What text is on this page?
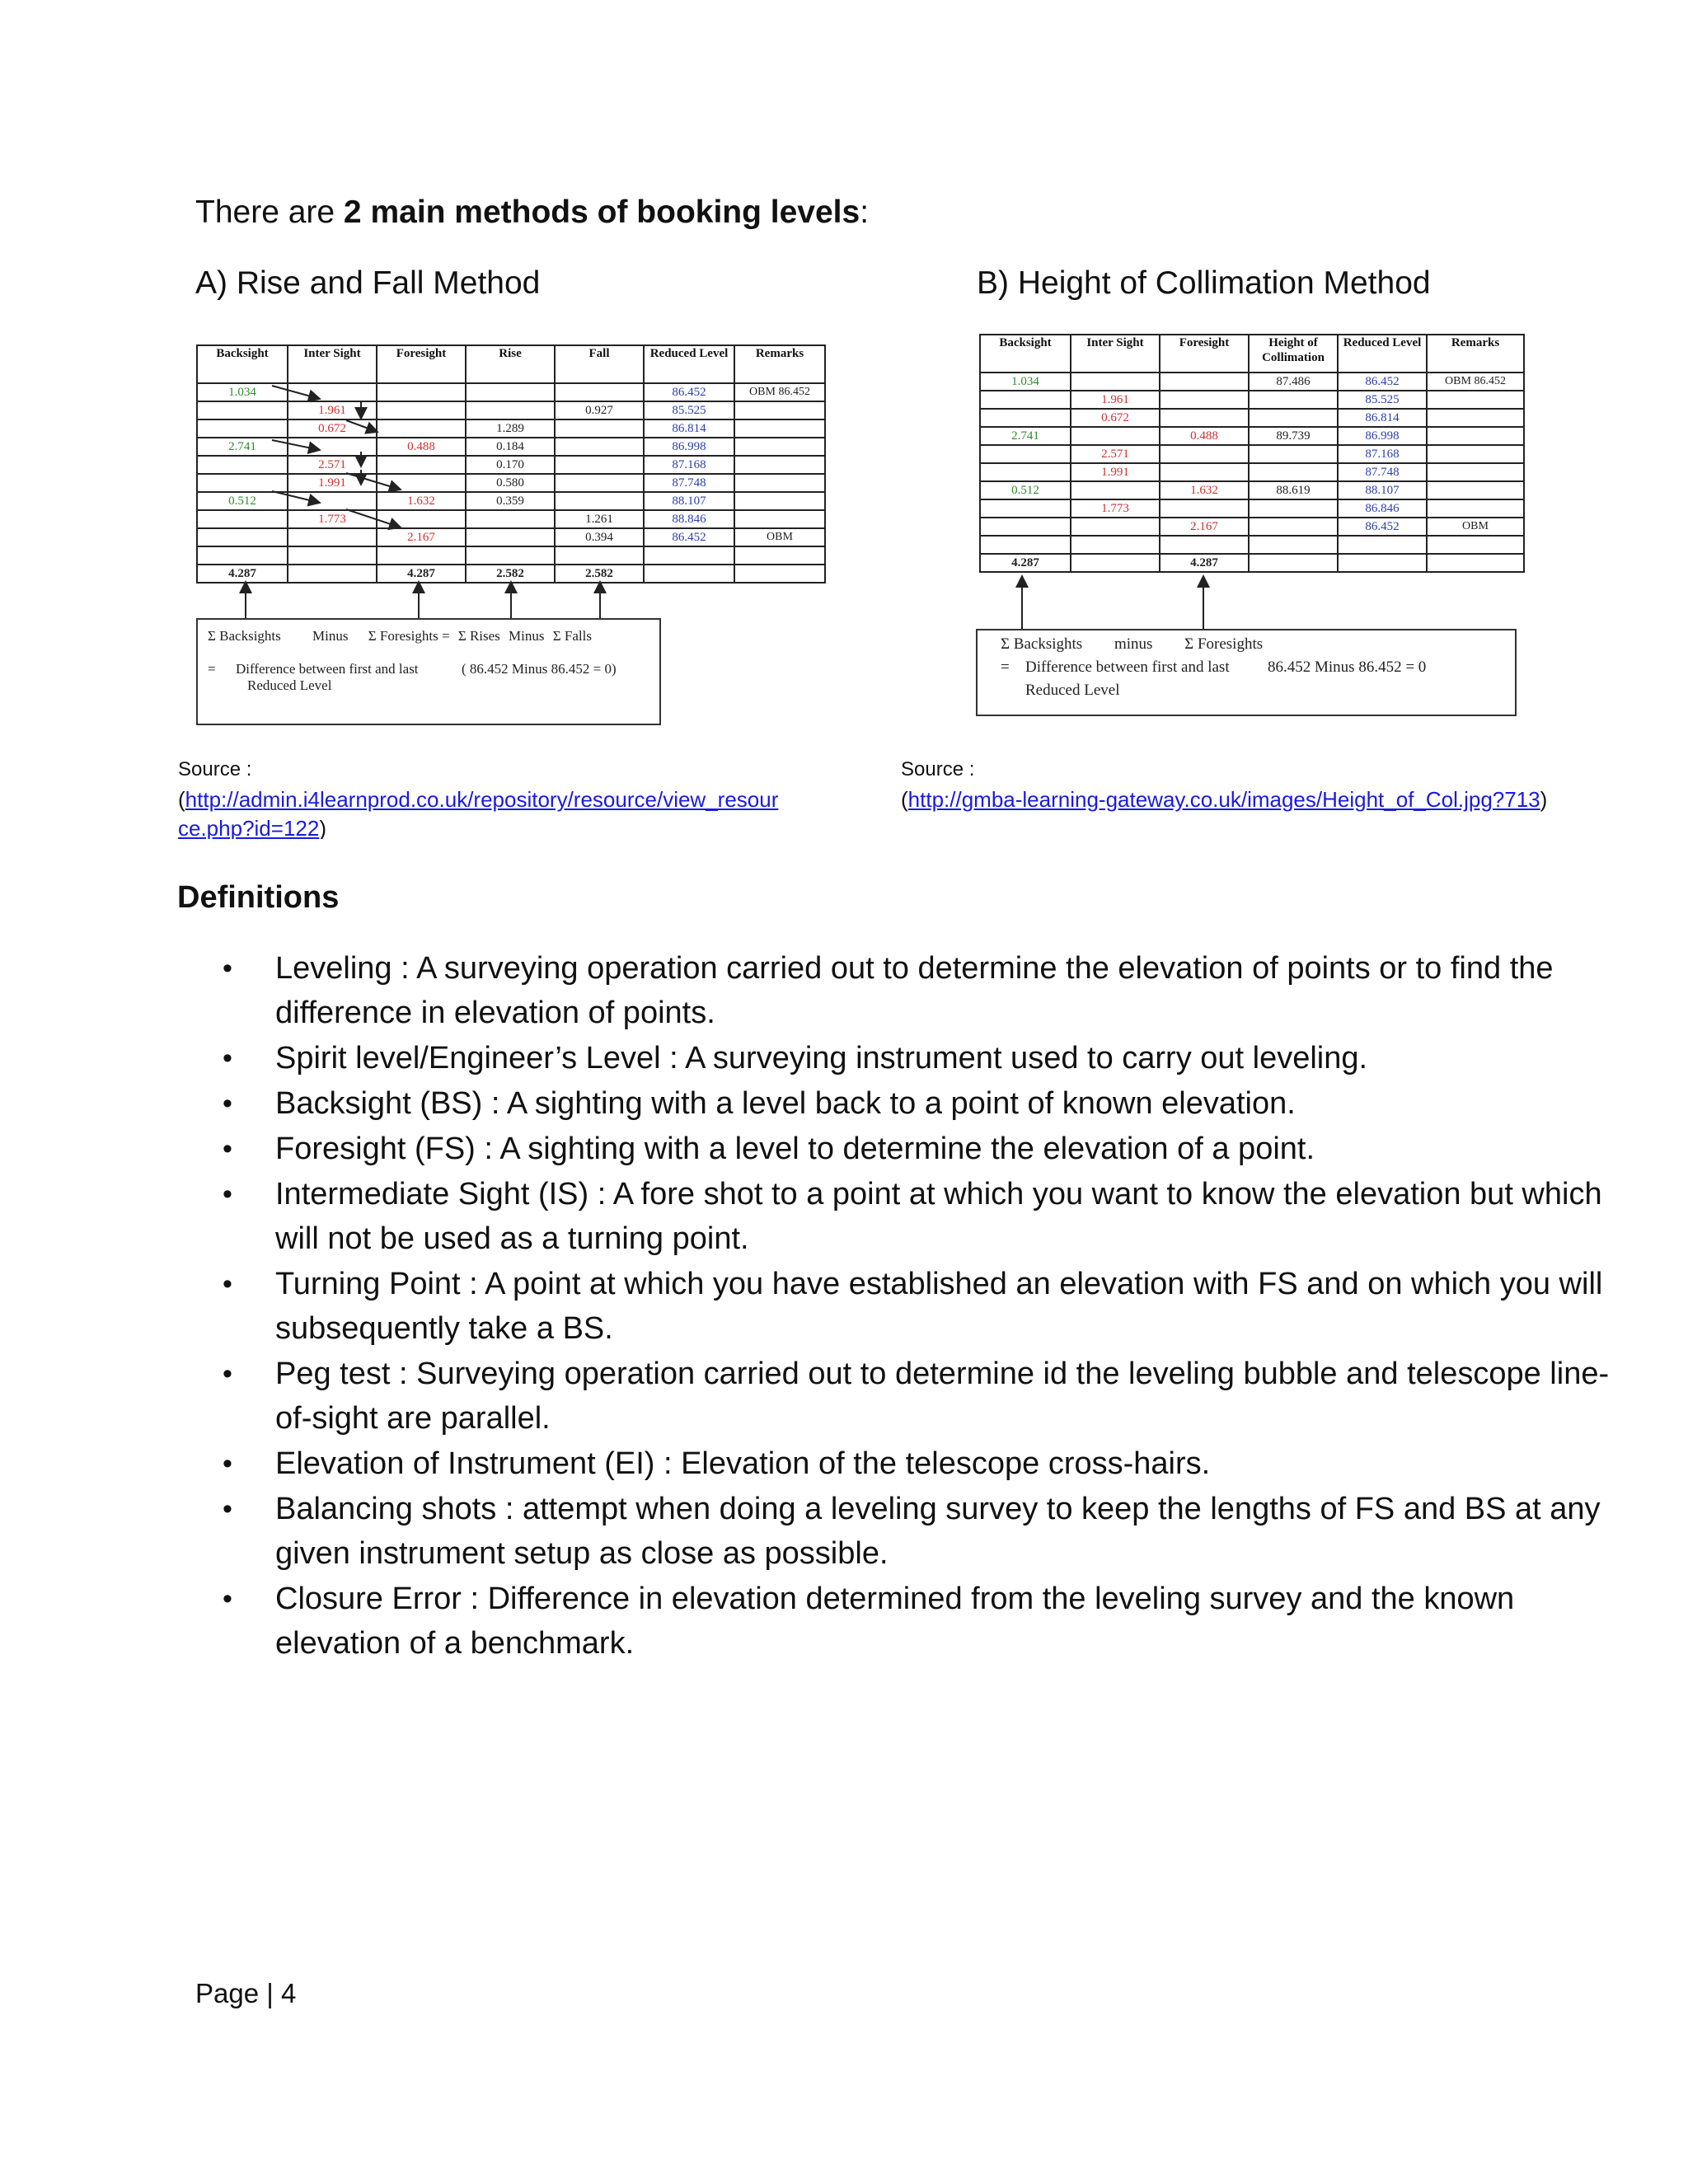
There are 2 main methods of booking levels:
A) Rise and Fall Method	B) Height of Collimation Method
Backsight	Inter Sight	Foresight	Rise	Fall	Reduced Level	Remarks
1.034					86.452	OBM 86.452
	1.961			0.927	85.525	
	0.672		1.289		86.814	
2.741		0.488	0.184		86.998	
	2.571		0.170		87.168	
	1.991		0.580		87.748	
0.512		1.632	0.359		88.107	
	1.773			1.261	88.846	
		2.167		0.394	86.452	OBM

4.287		4.287	2.582	2.582		
Σ Backsights Minus Σ Foresights = Σ Rises Minus Σ Falls
= Difference between first and last
Reduced Level
( 86.452 Minus 86.452 = 0)
Backsight	Inter Sight	Foresight	Height of Collimation	Reduced Level	Remarks
1.034			87.486	86.452	OBM 86.452
	1.961			85.525	
	0.672			86.814	
2.741		0.488	89.739	86.998	
	2.571			87.168	
	1.991			87.748	
0.512		1.632	88.619	88.107	
	1.773			86.846	
		2.167		86.452	OBM

4.287		4.287			
Σ Backsights minus Σ Foresights
= Difference between first and last
Reduced Level
86.452 Minus 86.452 = 0
Source :
(http://admin.i4learnprod.co.uk/repository/resource/view_resour
ce.php?id=122)
Source :
(http://gmba-learning-gateway.co.uk/images/Height_of_Col.jpg?713)
Definitions
• Leveling : A surveying operation carried out to determine the elevation of points or to find the difference in elevation of points.
• Spirit level/Engineer’s Level : A surveying instrument used to carry out leveling.
• Backsight (BS) : A sighting with a level back to a point of known elevation.
• Foresight (FS) : A sighting with a level to determine the elevation of a point.
• Intermediate Sight (IS) : A fore shot to a point at which you want to know the elevation but which will not be used as a turning point.
• Turning Point : A point at which you have established an elevation with FS and on which you will subsequently take a BS.
• Peg test : Surveying operation carried out to determine id the leveling bubble and telescope line-of-sight are parallel.
• Elevation of Instrument (EI) : Elevation of the telescope cross-hairs.
• Balancing shots : attempt when doing a leveling survey to keep the lengths of FS and BS at any given instrument setup as close as possible.
• Closure Error : Difference in elevation determined from the leveling survey and the known elevation of a benchmark.
Page | 4
